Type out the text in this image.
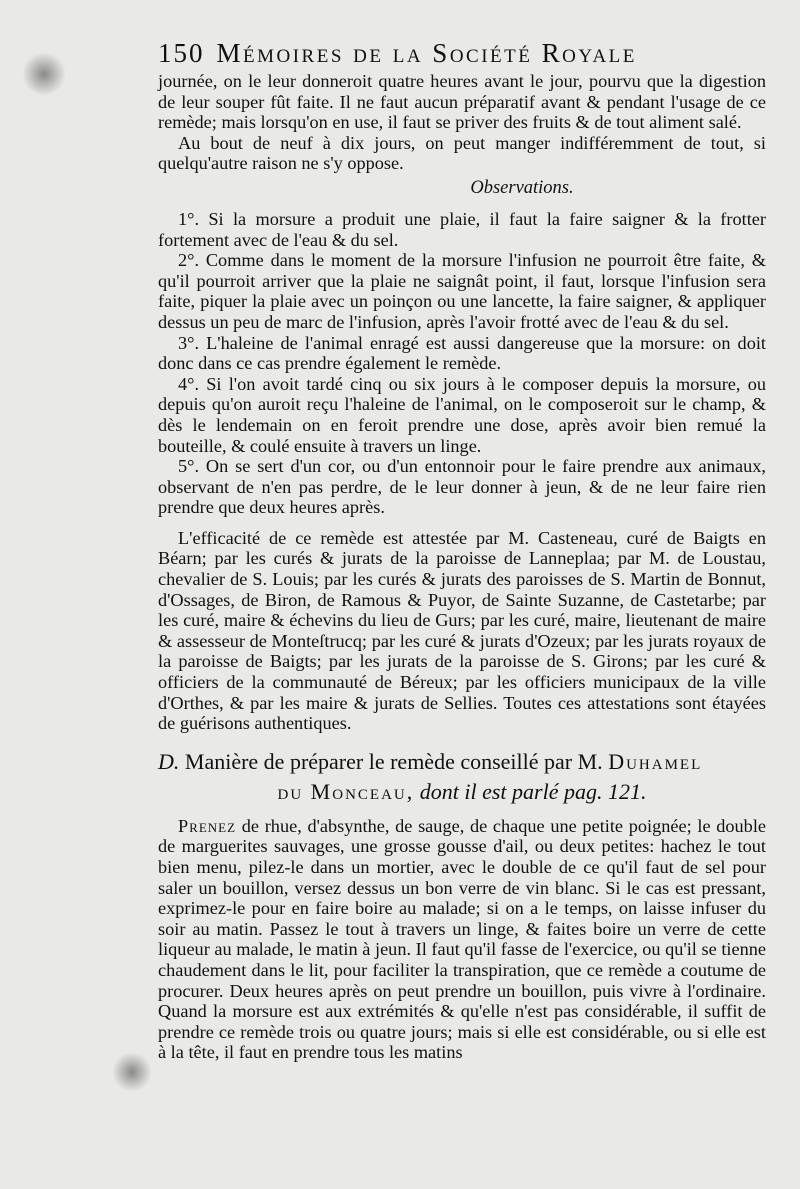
150 Mémoires de la Société Royale

journée, on le leur donneroit quatre heures avant le jour, pourvu que la digestion de leur souper fût faite. Il ne faut aucun préparatif avant & pendant l'usage de ce remède; mais lorsqu'on en use, il faut se priver des fruits & de tout aliment salé.

Au bout de neuf à dix jours, on peut manger indifféremment de tout, si quelqu'autre raison ne s'y oppose.

Observations.

1°. Si la morsure a produit une plaie, il faut la faire saigner & la frotter fortement avec de l'eau & du sel.

2°. Comme dans le moment de la morsure l'infusion ne pourroit être faite, & qu'il pourroit arriver que la plaie ne saignât point, il faut, lorsque l'infusion sera faite, piquer la plaie avec un poinçon ou une lancette, la faire saigner, & appliquer dessus un peu de marc de l'infusion, après l'avoir frotté avec de l'eau & du sel.

3°. L'haleine de l'animal enragé est aussi dangereuse que la morsure: on doit donc dans ce cas prendre également le remède.

4°. Si l'on avoit tardé cinq ou six jours à le composer depuis la morsure, ou depuis qu'on auroit reçu l'haleine de l'animal, on le composeroit sur le champ, & dès le lendemain on en feroit prendre une dose, après avoir bien remué la bouteille, & coulé ensuite à travers un linge.

5°. On se sert d'un cor, ou d'un entonnoir pour le faire prendre aux animaux, observant de n'en pas perdre, de le leur donner à jeun, & de ne leur faire rien prendre que deux heures après.

L'efficacité de ce remède est attestée par M. Casteneau, curé de Baigts en Béarn; par les curés & jurats de la paroisse de Lanneplaa; par M. de Loustau, chevalier de S. Louis; par les curés & jurats des paroisses de S. Martin de Bonnut, d'Ossages, de Biron, de Ramous & Puyor, de Sainte Suzanne, de Castetarbe; par les curé, maire & échevins du lieu de Gurs; par les curé, maire, lieutenant de maire & assesseur de Monteſtrucq; par les curé & jurats d'Ozeux; par les jurats royaux de la paroisse de Baigts; par les jurats de la paroisse de S. Girons; par les curé & officiers de la communauté de Béreux; par les officiers municipaux de la ville d'Orthes, & par les maire & jurats de Sellies. Toutes ces attestations sont étayées de guérisons authentiques.

D. Manière de préparer le remède conseillé par M. Duhamel
du Monceau, dont il est parlé pag. 121.

Prenez de rhue, d'absynthe, de sauge, de chaque une petite poignée; le double de marguerites sauvages, une grosse gousse d'ail, ou deux petites: hachez le tout bien menu, pilez-le dans un mortier, avec le double de ce qu'il faut de sel pour saler un bouillon, versez dessus un bon verre de vin blanc. Si le cas est pressant, exprimez-le pour en faire boire au malade; si on a le temps, on laisse infuser du soir au matin. Passez le tout à travers un linge, & faites boire un verre de cette liqueur au malade, le matin à jeun. Il faut qu'il fasse de l'exercice, ou qu'il se tienne chaudement dans le lit, pour faciliter la transpiration, que ce remède a coutume de procurer. Deux heures après on peut prendre un bouillon, puis vivre à l'ordinaire. Quand la morsure est aux extrémités & qu'elle n'est pas considérable, il suffit de prendre ce remède trois ou quatre jours; mais si elle est considérable, ou si elle est à la tête, il faut en prendre tous les matins
